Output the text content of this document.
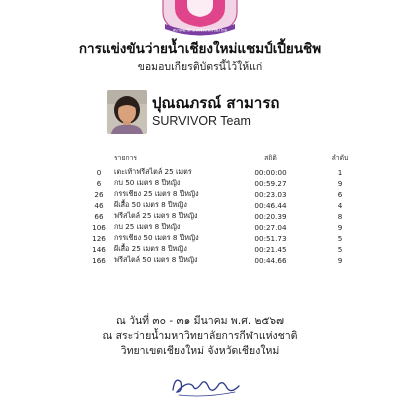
สมาคมกีฬาแห่งจังหวัดเชียงใหม่
การแข่งขันว่ายน้ำเชียงใหม่แชมป์เปี้ยนชิพ
ขอมอบเกียรติบัตรนี้ไว้ให้แก่
ปุณณภรณ์ สามารถ
SURVIVOR Team
	รายการ	สถิติ	ลำดับ
0	เตะเท้าฟรีสไตล์ 25 เมตร	00:00:00	1
6	กบ 50 เมตร 8 ปีหญิง	00:59.27	9
26	กรรเชียง 25 เมตร 8 ปีหญิง	00:23.03	6
46	ผีเสื้อ 50 เมตร 8 ปีหญิง	00:46.44	4
66	ฟรีสไตล์ 25 เมตร 8 ปีหญิง	00:20.39	8
106	กบ 25 เมตร 8 ปีหญิง	00:27.04	9
126	กรรเชียง 50 เมตร 8 ปีหญิง	00:51.73	5
146	ผีเสื้อ 25 เมตร 8 ปีหญิง	00:21.45	5
166	ฟรีสไตล์ 50 เมตร 8 ปีหญิง	00:44.66	9
ณ วันที่ ๓๐ - ๓๑ มีนาคม พ.ศ. ๒๕๖๗
ณ สระว่ายน้ำมหาวิทยาลัยการกีฬาแห่งชาติ
วิทยาเขตเชียงใหม่ จังหวัดเชียงใหม่
